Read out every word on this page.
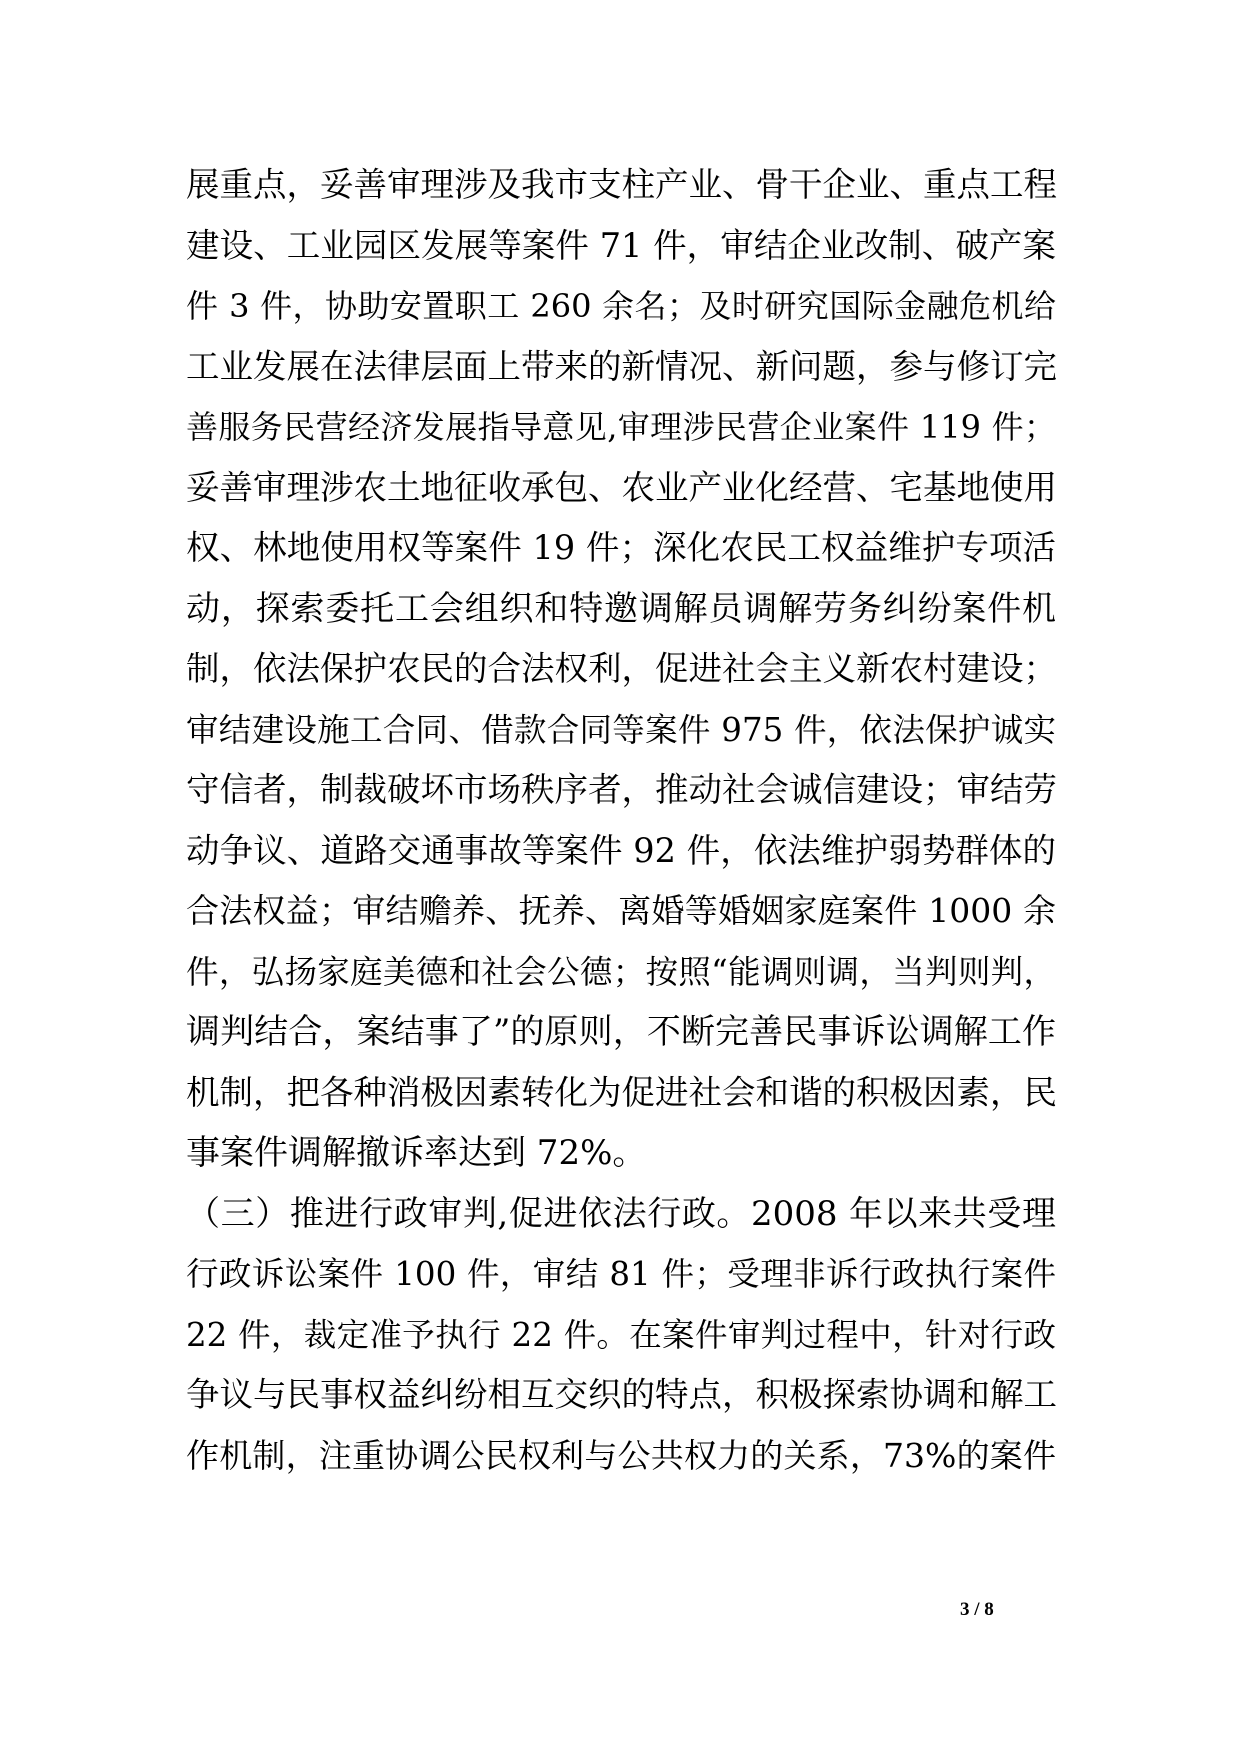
展重点，妥善审理涉及我市支柱产业、骨干企业、重点工程
建设、工业园区发展等案件 71 件，审结企业改制、破产案
件 3 件，协助安置职工 260 余名；及时研究国际金融危机给
工业发展在法律层面上带来的新情况、新问题，参与修订完
善服务民营经济发展指导意见,审理涉民营企业案件 119 件；
妥善审理涉农土地征收承包、农业产业化经营、宅基地使用
权、林地使用权等案件 19 件；深化农民工权益维护专项活
动，探索委托工会组织和特邀调解员调解劳务纠纷案件机
制，依法保护农民的合法权利，促进社会主义新农村建设；
审结建设施工合同、借款合同等案件 975 件，依法保护诚实
守信者，制裁破坏市场秩序者，推动社会诚信建设；审结劳
动争议、道路交通事故等案件 92 件，依法维护弱势群体的
合法权益；审结赡养、抚养、离婚等婚姻家庭案件 1000 余
件，弘扬家庭美德和社会公德；按照“能调则调，当判则判，
调判结合，案结事了”的原则，不断完善民事诉讼调解工作
机制，把各种消极因素转化为促进社会和谐的积极因素，民
事案件调解撤诉率达到 72%。
（三）推进行政审判,促进依法行政。2008 年以来共受理
行政诉讼案件 100 件，审结 81 件；受理非诉行政执行案件
22 件，裁定准予执行 22 件。在案件审判过程中，针对行政
争议与民事权益纠纷相互交织的特点，积极探索协调和解工
作机制，注重协调公民权利与公共权力的关系，73%的案件
3 / 8
